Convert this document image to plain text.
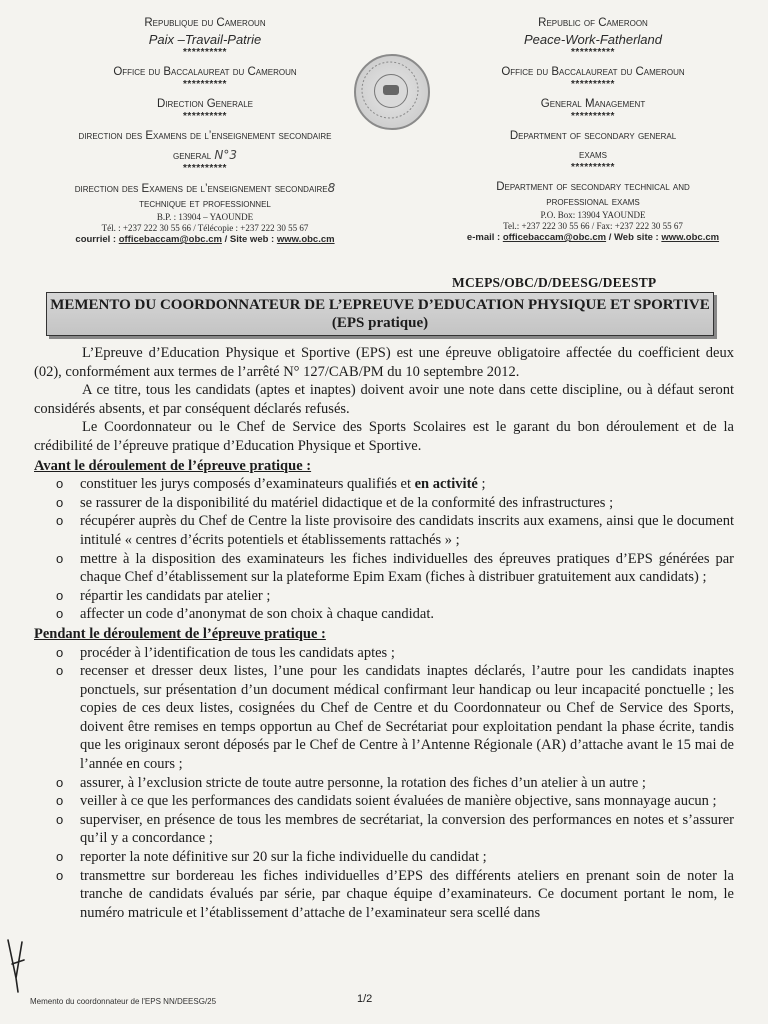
Republique du Cameroun
Paix –Travail-Patrie
**********
Office du Baccalaureat du Cameroun
**********
Direction Generale
**********
direction des Examens de l’enseignement secondaire
general N°3
**********
direction des Examens de l’enseignement secondaire8
technique et professionnel
B.P. : 13904 – YAOUNDE
Tél. : +237 222 30 55 66 / Télécopie : +237 222 30 55 67
courriel : officebaccam@obc.cm / Site web : www.obc.cm
Republic of Cameroon
Peace-Work-Fatherland
**********
Office du Baccalaureat du Cameroun
**********
General Management
**********
Department of secondary general
exams
**********
Department of secondary technical and
professional exams
P.O. Box: 13904 YAOUNDE
Tel.: +237 222 30 55 66 / Fax: +237 222 30 55 67
e-mail : officebaccam@obc.cm / Web site : www.obc.cm
MCEPS/OBC/D/DEESG/DEESTP
MEMENTO DU COORDONNATEUR DE L’EPREUVE D’EDUCATION PHYSIQUE ET SPORTIVE
(EPS pratique)
L’Epreuve d’Education Physique et Sportive (EPS) est une épreuve obligatoire affectée du coefficient deux (02), conformément aux termes de l’arrêté N° 127/CAB/PM du 10 septembre 2012.
A ce titre, tous les candidats (aptes et inaptes) doivent avoir une note dans cette discipline, ou à défaut seront considérés absents, et par conséquent déclarés refusés.
Le Coordonnateur ou le Chef de Service des Sports Scolaires est le garant du bon déroulement et de la crédibilité de l’épreuve pratique d’Education Physique et Sportive.
Avant le déroulement de l’épreuve pratique :
o constituer les jurys composés d’examinateurs qualifiés et en activité ;
o se rassurer de la disponibilité du matériel didactique et de la conformité des infrastructures ;
o récupérer auprès du Chef de Centre la liste provisoire des candidats inscrits aux examens, ainsi que le document intitulé « centres d’écrits potentiels et établissements rattachés » ;
o mettre à la disposition des examinateurs les fiches individuelles des épreuves pratiques d’EPS générées par chaque Chef d’établissement sur la plateforme Epim Exam (fiches à distribuer gratuitement aux candidats) ;
o répartir les candidats par atelier ;
o affecter un code d’anonymat de son choix à chaque candidat.
Pendant le déroulement de l’épreuve pratique :
o procéder à l’identification de tous les candidats aptes ;
o recenser et dresser deux listes, l’une pour les candidats inaptes déclarés, l’autre pour les candidats inaptes ponctuels, sur présentation d’un document médical confirmant leur handicap ou leur incapacité ponctuelle ; les copies de ces deux listes, cosignées du Chef de Centre et du Coordonnateur ou Chef de Service des Sports, doivent être remises en temps opportun au Chef de Secrétariat pour exploitation pendant la phase écrite, tandis que les originaux seront déposés par le Chef de Centre à l’Antenne Régionale (AR) d’attache avant le 15 mai de l’année en cours ;
o assurer, à l’exclusion stricte de toute autre personne, la rotation des fiches d’un atelier à un autre ;
o veiller à ce que les performances des candidats soient évaluées de manière objective, sans monnayage aucun ;
o superviser, en présence de tous les membres de secrétariat, la conversion des performances en notes et s’assurer qu’il y a concordance ;
o reporter la note définitive sur 20 sur la fiche individuelle du candidat ;
o transmettre sur bordereau les fiches individuelles d’EPS des différents ateliers en prenant soin de noter la tranche de candidats évalués par série, par chaque équipe d’examinateurs. Ce document portant le nom, le numéro matricule et l’établissement d’attache de l’examinateur sera scellé dans
Memento du coordonnateur de l'EPS NN/DEESG/25	1/2
